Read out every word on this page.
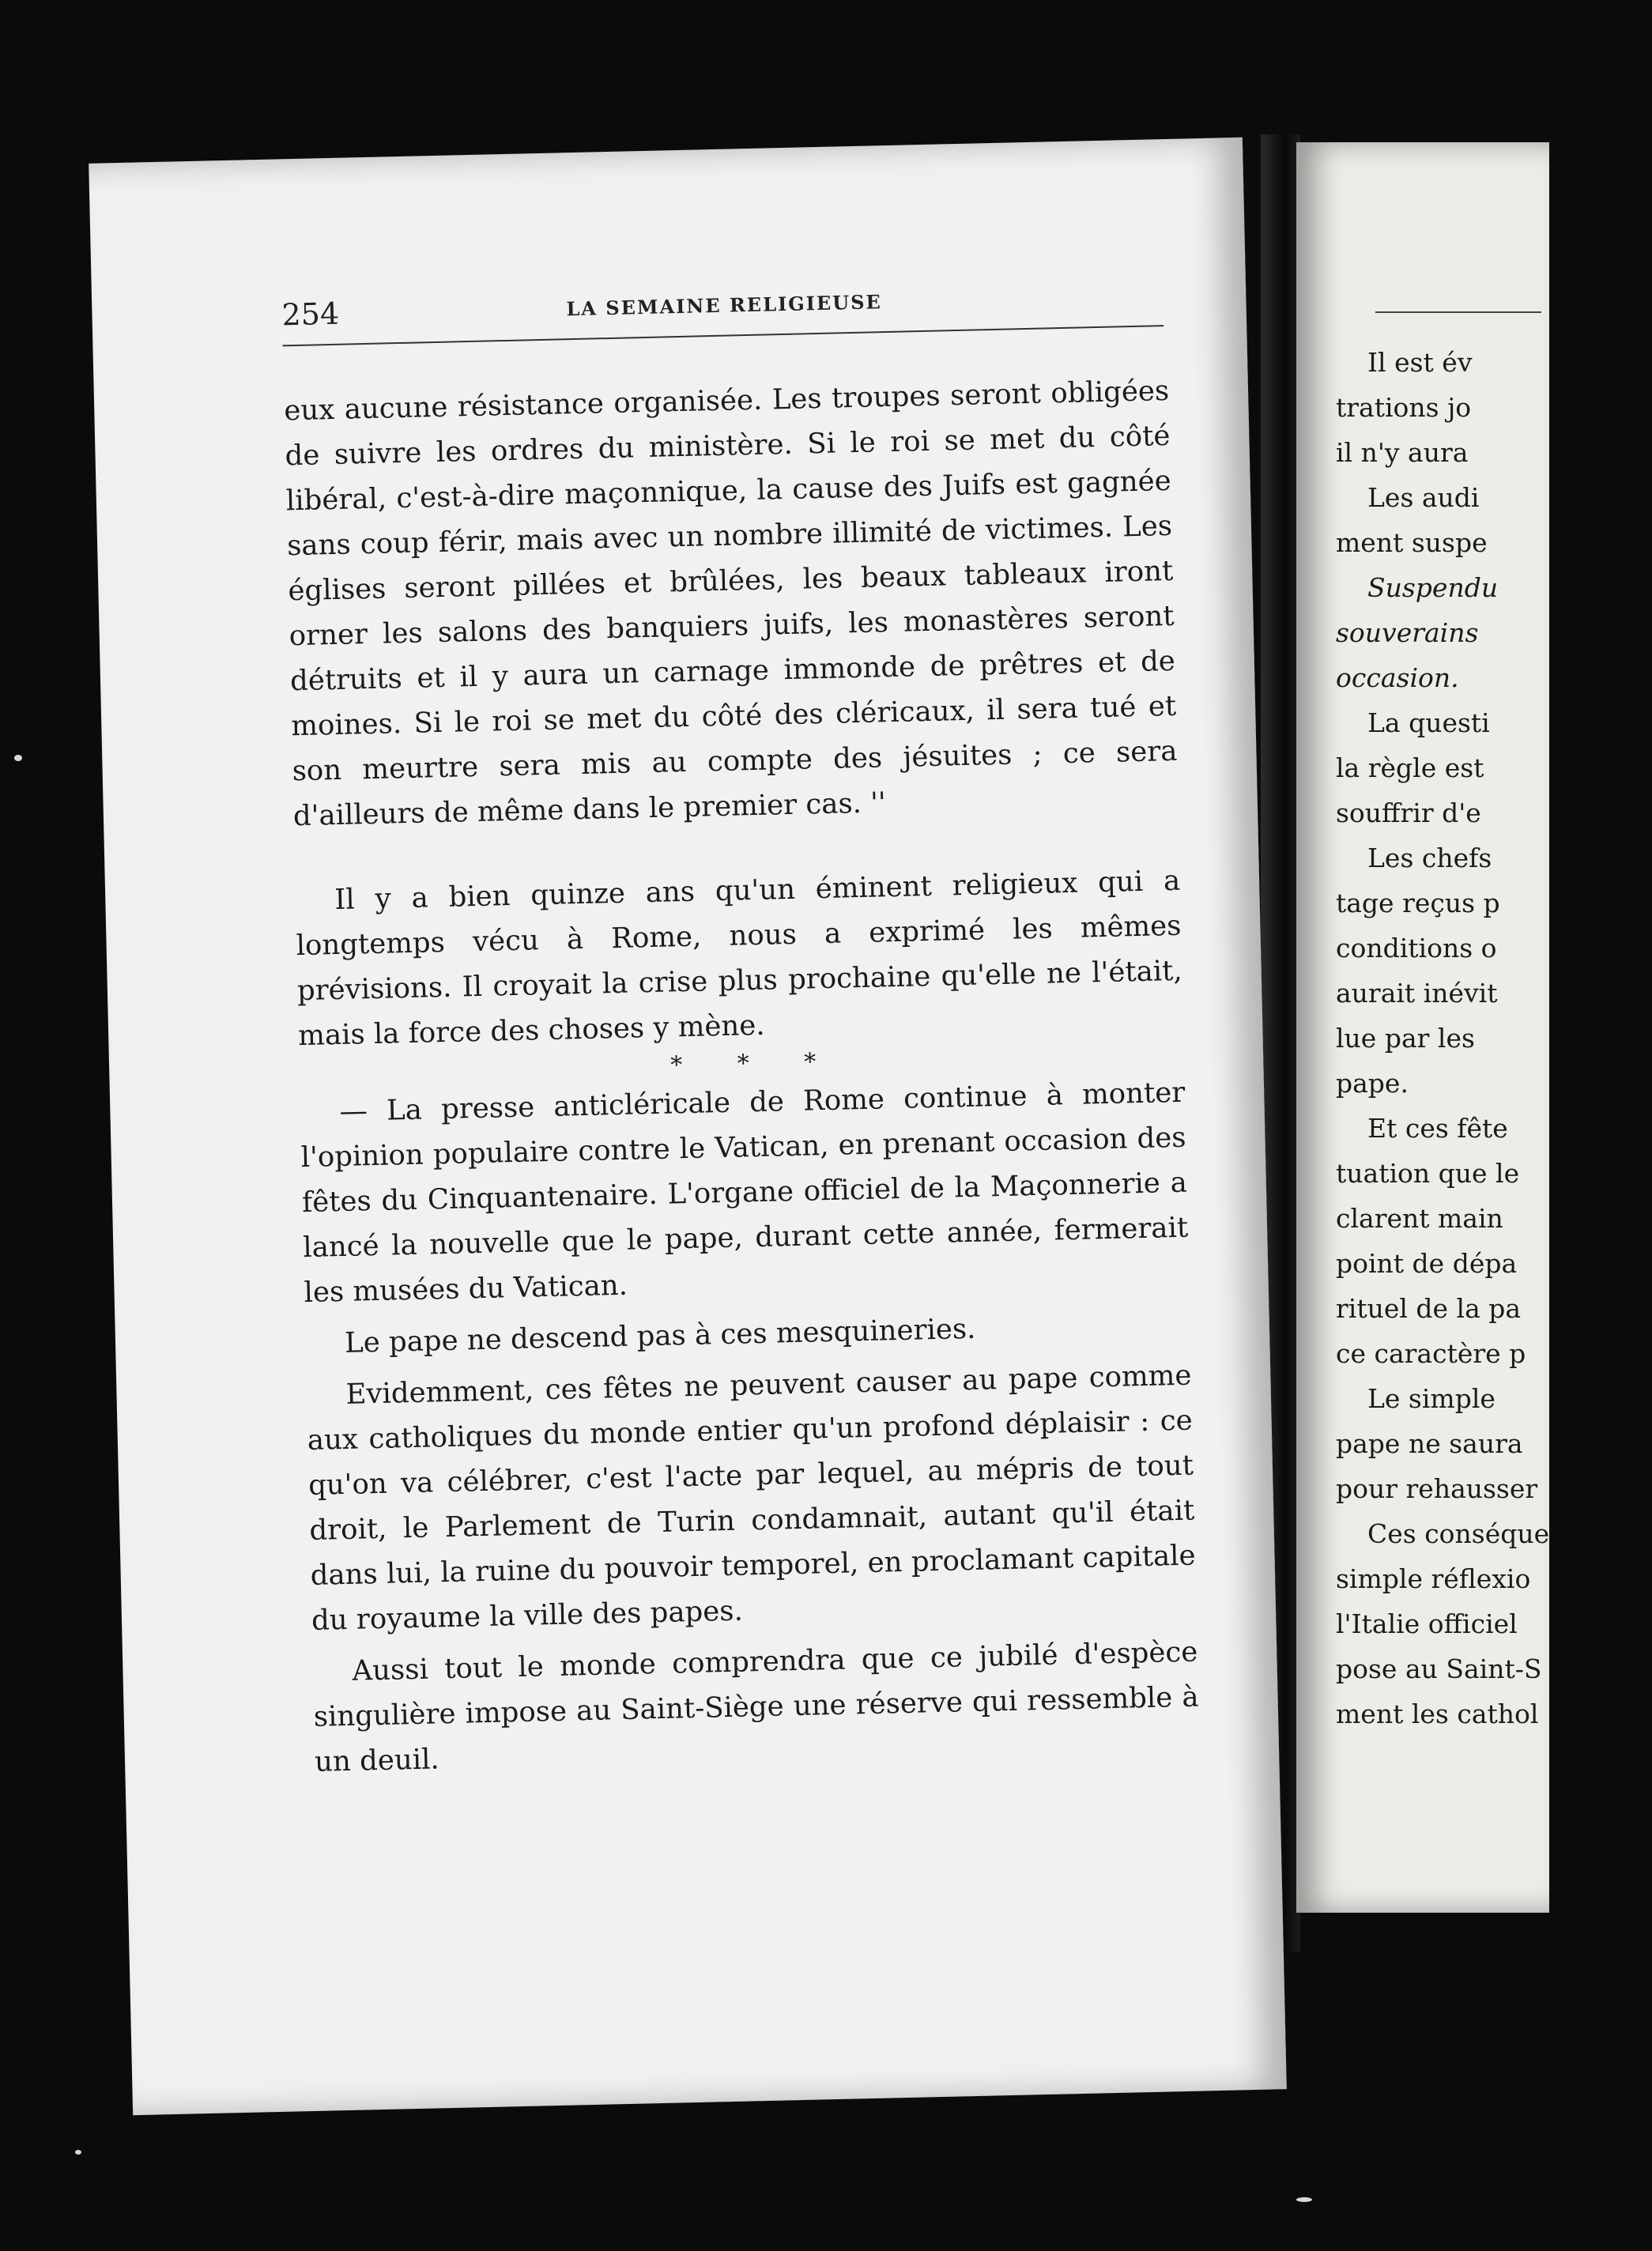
Il est év
trations jo
il n'y aura
Les audi
ment suspe
Suspendu
souverains
occasion.
La questi
la règle est
souffrir d'e
Les chefs
tage reçus p
conditions o
aurait inévit
lue par les
pape.
Et ces fête
tuation que le
clarent main
point de dépa
rituel de la pa
ce caractère p
Le simple
pape ne saura
pour rehausser
Ces conséque
simple réflexio
l'Italie officiel
pose au Saint-S
ment les cathol
254	LA SEMAINE RELIGIEUSE

eux aucune résistance organisée. Les troupes seront obligées de suivre les ordres du ministère. Si le roi se met du côté libéral, c'est-à-dire maçonnique, la cause des Juifs est gagnée sans coup férir, mais avec un nombre illimité de victimes. Les églises seront pillées et brûlées, les beaux tableaux iront orner les salons des banquiers juifs, les monastères seront détruits et il y aura un carnage immonde de prêtres et de moines. Si le roi se met du côté des cléricaux, il sera tué et son meurtre sera mis au compte des jésuites ; ce sera d'ailleurs de même dans le premier cas. ''

Il y a bien quinze ans qu'un éminent religieux qui a longtemps vécu à Rome, nous a exprimé les mêmes prévisions. Il croyait la crise plus prochaine qu'elle ne l'était, mais la force des choses y mène.

* * *

— La presse anticléricale de Rome continue à monter l'opinion populaire contre le Vatican, en prenant occasion des fêtes du Cinquantenaire. L'organe officiel de la Maçonnerie a lancé la nouvelle que le pape, durant cette année, fermerait les musées du Vatican.

Le pape ne descend pas à ces mesquineries.

Evidemment, ces fêtes ne peuvent causer au pape comme aux catholiques du monde entier qu'un profond déplaisir : ce qu'on va célébrer, c'est l'acte par lequel, au mépris de tout droit, le Parlement de Turin condamnait, autant qu'il était dans lui, la ruine du pouvoir temporel, en proclamant capitale du royaume la ville des papes.

Aussi tout le monde comprendra que ce jubilé d'espèce singulière impose au Saint-Siège une réserve qui ressemble à un deuil.
